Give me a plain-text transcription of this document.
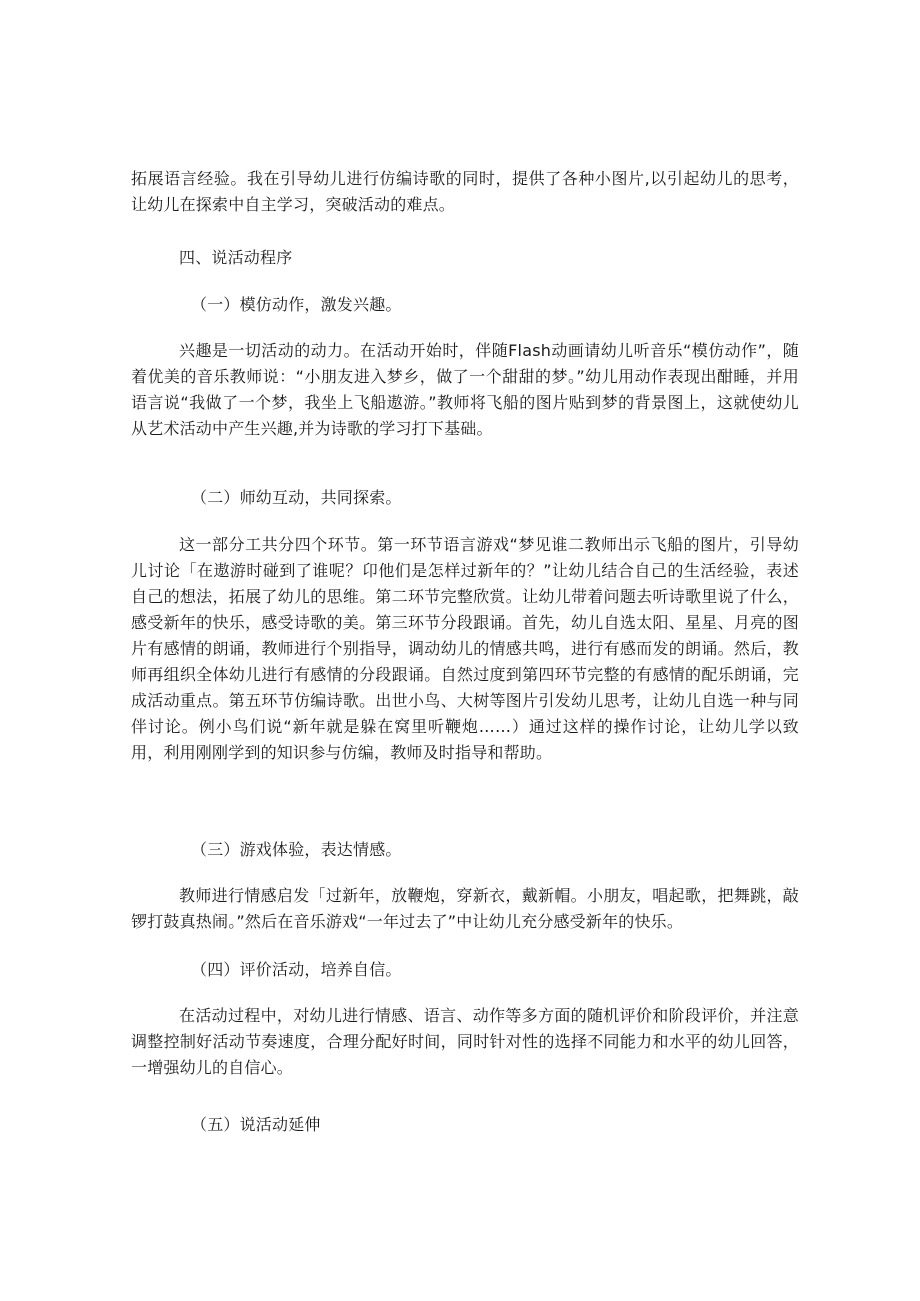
拓展语言经验。我在引导幼儿进行仿编诗歌的同时，提供了各种小图片,以引起幼儿的思考，让幼儿在探索中自主学习，突破活动的难点。

四、说活动程序

（一）模仿动作，激发兴趣。

兴趣是一切活动的动力。在活动开始时，伴随Flash动画请幼儿听音乐“模仿动作”，随着优美的音乐教师说：“小朋友进入梦乡，做了一个甜甜的梦。”幼儿用动作表现出酣睡，并用语言说“我做了一个梦，我坐上飞船遨游。”教师将飞船的图片贴到梦的背景图上，这就使幼儿从艺术活动中产生兴趣,并为诗歌的学习打下基础。

（二）师幼互动，共同探索。

这一部分工共分四个环节。第一环节语言游戏“梦见谁二教师出示飞船的图片，引导幼儿讨论「在遨游时碰到了谁呢？卬他们是怎样过新年的？”让幼儿结合自己的生活经验，表述自己的想法，拓展了幼儿的思维。第二环节完整欣赏。让幼儿带着问题去听诗歌里说了什么，感受新年的快乐，感受诗歌的美。第三环节分段跟诵。首先，幼儿自选太阳、星星、月亮的图片有感情的朗诵，教师进行个别指导，调动幼儿的情感共鸣，进行有感而发的朗诵。然后，教师再组织全体幼儿进行有感情的分段跟诵。自然过度到第四环节完整的有感情的配乐朗诵，完成活动重点。第五环节仿编诗歌。出世小鸟、大树等图片引发幼儿思考，让幼儿自选一种与同伴讨论。例小鸟们说“新年就是躲在窝里听鞭炮……）通过这样的操作讨论，让幼儿学以致用，利用刚刚学到的知识参与仿编，教师及时指导和帮助。

（三）游戏体验，表达情感。

教师进行情感启发「过新年，放鞭炮，穿新衣，戴新帽。小朋友，唱起歌，把舞跳，敲锣打鼓真热闹。”然后在音乐游戏“一年过去了”中让幼儿充分感受新年的快乐。

（四）评价活动，培养自信。

在活动过程中，对幼儿进行情感、语言、动作等多方面的随机评价和阶段评价，并注意调整控制好活动节奏速度，合理分配好时间，同时针对性的选择不同能力和水平的幼儿回答，一增强幼儿的自信心。

（五）说活动延伸
